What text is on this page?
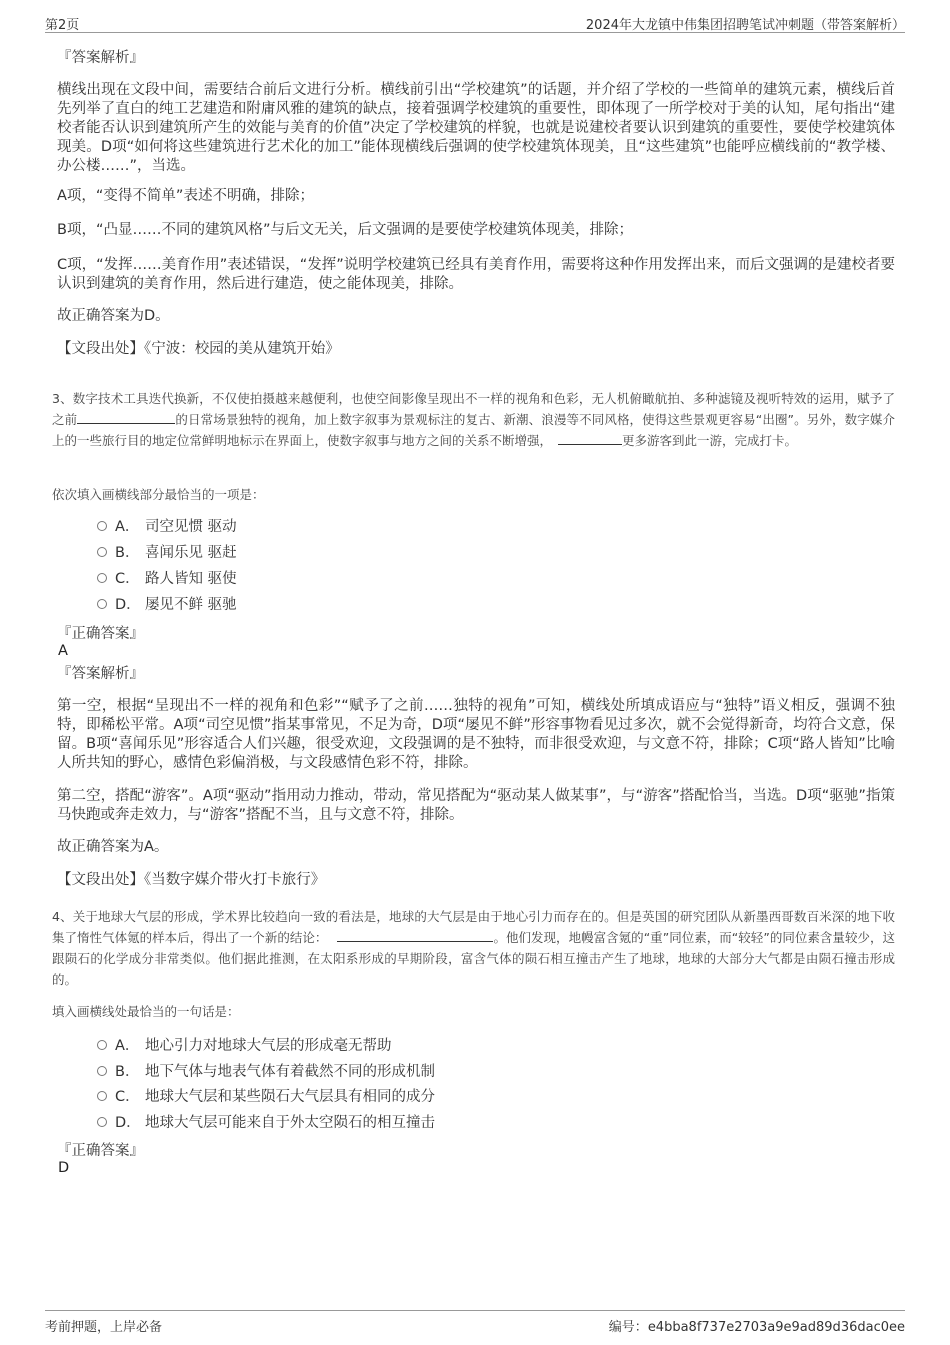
第2页	2024年大龙镇中伟集团招聘笔试冲刺题（带答案解析）
『答案解析』
横线出现在文段中间，需要结合前后文进行分析。横线前引出“学校建筑”的话题，并介绍了学校的一些简单的建筑元素，横线后首先列举了直白的纯工艺建造和附庸风雅的建筑的缺点，接着强调学校建筑的重要性，即体现了一所学校对于美的认知，尾句指出“建校者能否认识到建筑所产生的效能与美育的价值”决定了学校建筑的样貌，也就是说建校者要认识到建筑的重要性，要使学校建筑体现美。D项“如何将这些建筑进行艺术化的加工”能体现横线后强调的使学校建筑体现美，且“这些建筑”也能呼应横线前的“教学楼、办公楼……”，当选。
A项，“变得不简单”表述不明确，排除；
B项，“凸显……不同的建筑风格”与后文无关，后文强调的是要使学校建筑体现美，排除；
C项，“发挥……美育作用”表述错误，“发挥”说明学校建筑已经具有美育作用，需要将这种作用发挥出来，而后文强调的是建校者要认识到建筑的美育作用，然后进行建造，使之能体现美，排除。
故正确答案为D。
【文段出处】《宁波：校园的美从建筑开始》
3、数字技术工具迭代换新，不仅使拍摄越来越便利，也使空间影像呈现出不一样的视角和色彩，无人机俯瞰航拍、多种滤镜及视听特效的运用，赋予了之前	的日常场景独特的视角，加上数字叙事为景观标注的复古、新潮、浪漫等不同风格，使得这些景观更容易“出圈”。另外，数字媒介上的一些旅行目的地定位常鲜明地标示在界面上，使数字叙事与地方之间的关系不断增强，	更多游客到此一游，完成打卡。
依次填入画横线部分最恰当的一项是：
A． 司空见惯 驱动
B． 喜闻乐见 驱赶
C． 路人皆知 驱使
D． 屡见不鲜 驱驰
『正确答案』
A
『答案解析』
第一空，根据“呈现出不一样的视角和色彩”“赋予了之前……独特的视角”可知，横线处所填成语应与“独特”语义相反，强调不独特，即稀松平常。A项“司空见惯”指某事常见，不足为奇，D项“屡见不鲜”形容事物看见过多次，就不会觉得新奇，均符合文意，保留。B项“喜闻乐见”形容适合人们兴趣，很受欢迎，文段强调的是不独特，而非很受欢迎，与文意不符，排除；C项“路人皆知”比喻人所共知的野心，感情色彩偏消极，与文段感情色彩不符，排除。
第二空，搭配“游客”。A项“驱动”指用动力推动，带动，常见搭配为“驱动某人做某事”，与“游客”搭配恰当，当选。D项“驱驰”指策马快跑或奔走效力，与“游客”搭配不当，且与文意不符，排除。
故正确答案为A。
【文段出处】《当数字媒介带火打卡旅行》
4、关于地球大气层的形成，学术界比较趋向一致的看法是，地球的大气层是由于地心引力而存在的。但是英国的研究团队从新墨西哥数百米深的地下收集了惰性气体氪的样本后，得出了一个新的结论：	。他们发现，地幔富含氪的“重”同位素，而“较轻”的同位素含量较少，这跟陨石的化学成分非常类似。他们据此推测，在太阳系形成的早期阶段，富含气体的陨石相互撞击产生了地球，地球的大部分大气都是由陨石撞击形成的。
填入画横线处最恰当的一句话是：
A． 地心引力对地球大气层的形成毫无帮助
B． 地下气体与地表气体有着截然不同的形成机制
C． 地球大气层和某些陨石大气层具有相同的成分
D． 地球大气层可能来自于外太空陨石的相互撞击
『正确答案』
D
考前押题，上岸必备	编号：e4bba8f737e2703a9e9ad89d36dac0ee
